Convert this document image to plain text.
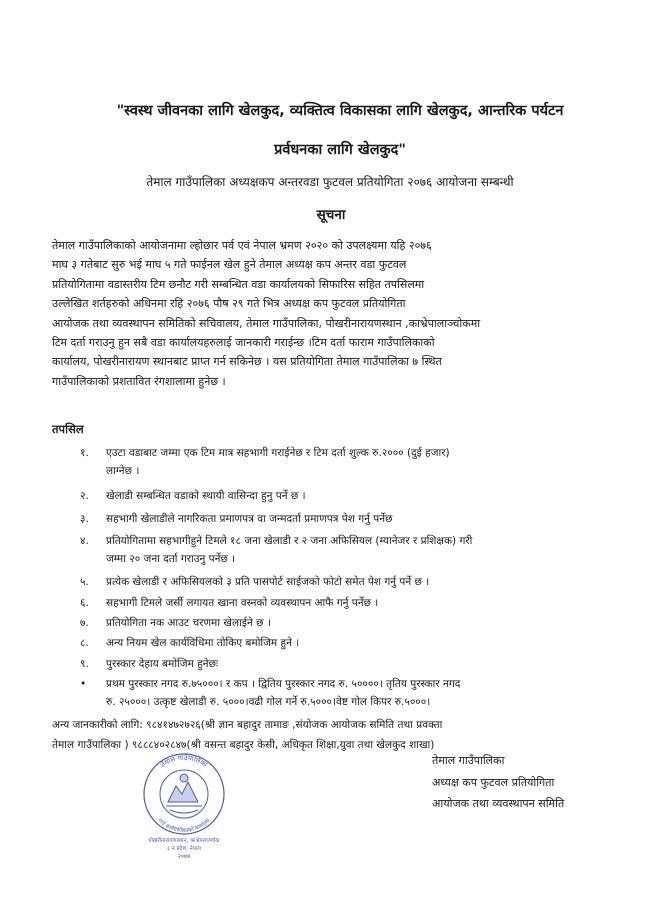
"स्वस्थ जीवनका लागि खेलकुद, व्यक्तित्व विकासका लागि खेलकुद, आन्तरिक पर्यटन
प्रर्वधनका लागि खेलकुद"
तेमाल गाउँपालिका अध्यक्षकप अन्तरवडा फुटवल प्रतियोगिता २०७६ आयोजना सम्बन्धी
सूचना
तेमाल गाउँपालिकाको आयोजनामा ल्होछार पर्व एवं नेपाल भ्रमण २०२० को उपलक्ष्यमा यहि २०७६
माघ ३ गतेबाट सुरु भई माघ ५ गते फाईनल खेल हुने तेमाल अध्यक्ष कप अन्तर वडा फुटवल
प्रतियोगितामा वडास्तरीय टिम छनौट गरी सम्बन्धित वडा कार्यालयको सिफारिस सहित तपसिलमा
उल्लेखित शर्तहरुको अधिनमा रहि २०७६ पौष २९ गते भित्र अध्यक्ष कप फुटवल प्रतियोगिता
आयोजक तथा व्यवस्थापन समितिको सचिवालय, तेमाल गाउँपालिका, पोखरीनारायणस्थान ,काभ्रेपालाञ्चोकमा
टिम दर्ता गराउनु हुन सबै वडा कार्यालयहरुलाई जानकारी गराईन्छ ।टिम दर्ता फाराम गाउँपालिकाको
कार्यालय, पोखरीनारायण स्थानबाट प्राप्त गर्न सकिनेछ । यस प्रतियोगिता तेमाल गाउँपालिका ७ स्थित
गाउँपालिकाको प्रशतावित रंगशालामा हुनेछ ।
तपसिल
१.	एउटा वडाबाट जम्मा एक टिम मात्र सहभागी गराईनेछ र टिम दर्ता शुल्क रु.२००० (दुई हजार)
लाग्नेछ ।
२.	खेलाडी सम्बन्धित वडाको स्थायी वासिन्दा हुनु पर्ने छ ।
३.	सहभागी खेलाडीले नागरिकता प्रमाणपत्र वा जन्मदर्ता प्रमाणपत्र पेश गर्नु पर्नेछ
४.	प्रतियोगितामा सहभागीहुने टिमले १८ जना खेलाडी र २ जना अफिसियल (म्यानेजर र प्रशिक्षक) गरी
जम्मा २० जना दर्ता गराउनु पर्नेछ ।
५.	प्रत्येक खेलाडी र अफिसियलको ३ प्रति पासपोर्ट साईजको फोटो समेत पेश गर्नु पर्ने छ ।
६.	सहभागी टिमले जर्सी लगायत खाना वस्नको व्यवस्थापन आफै गर्नु पर्नेछ ।
७.	प्रतियोगिता नक आउट चरणमा खेलाईने छ ।
८.	अन्य नियम खेल कार्यविधिमा तोकिए बमोजिम हुने ।
९.	पुरस्कार देहाय बमोजिम हुनेछः
•	प्रथम पुरस्कार नगद रु.७५०००। र कप । द्वितिय पुरस्कार नगद रु. ५००००। तृतिय पुरस्कार नगद
रु. २५०००। उत्कृष्ट खेलाडी रु. ५०००।वढी गोल गर्ने रु.५०००।वेष्ट गोल किपर रु.५०००।
अन्य जानकारीको लागि: ९८४१४७२७२६(श्री ज्ञान बहादुर तामाङ ,संयोजक आयोजक समिति तथा प्रवक्ता
तेमाल गाउँपालिका ) ९८८८४०२८४७(श्री वसन्त बहादुर केसी, अधिकृत शिक्षा,युवा तथा खेलकुद शाखा)
तेमाल गाउँपालिका
अध्यक्ष कप फुटवल प्रतियोगिता
आयोजक तथा व्यवस्थापन समिति
तेमाल गाउँपालिका
गाउँ कार्यपालिकाको कार्यालय
पोखरीनारायणस्थान, काभ्रेपलाञ्चोक
३ नं प्रदेश, नेपाल
२०७४
